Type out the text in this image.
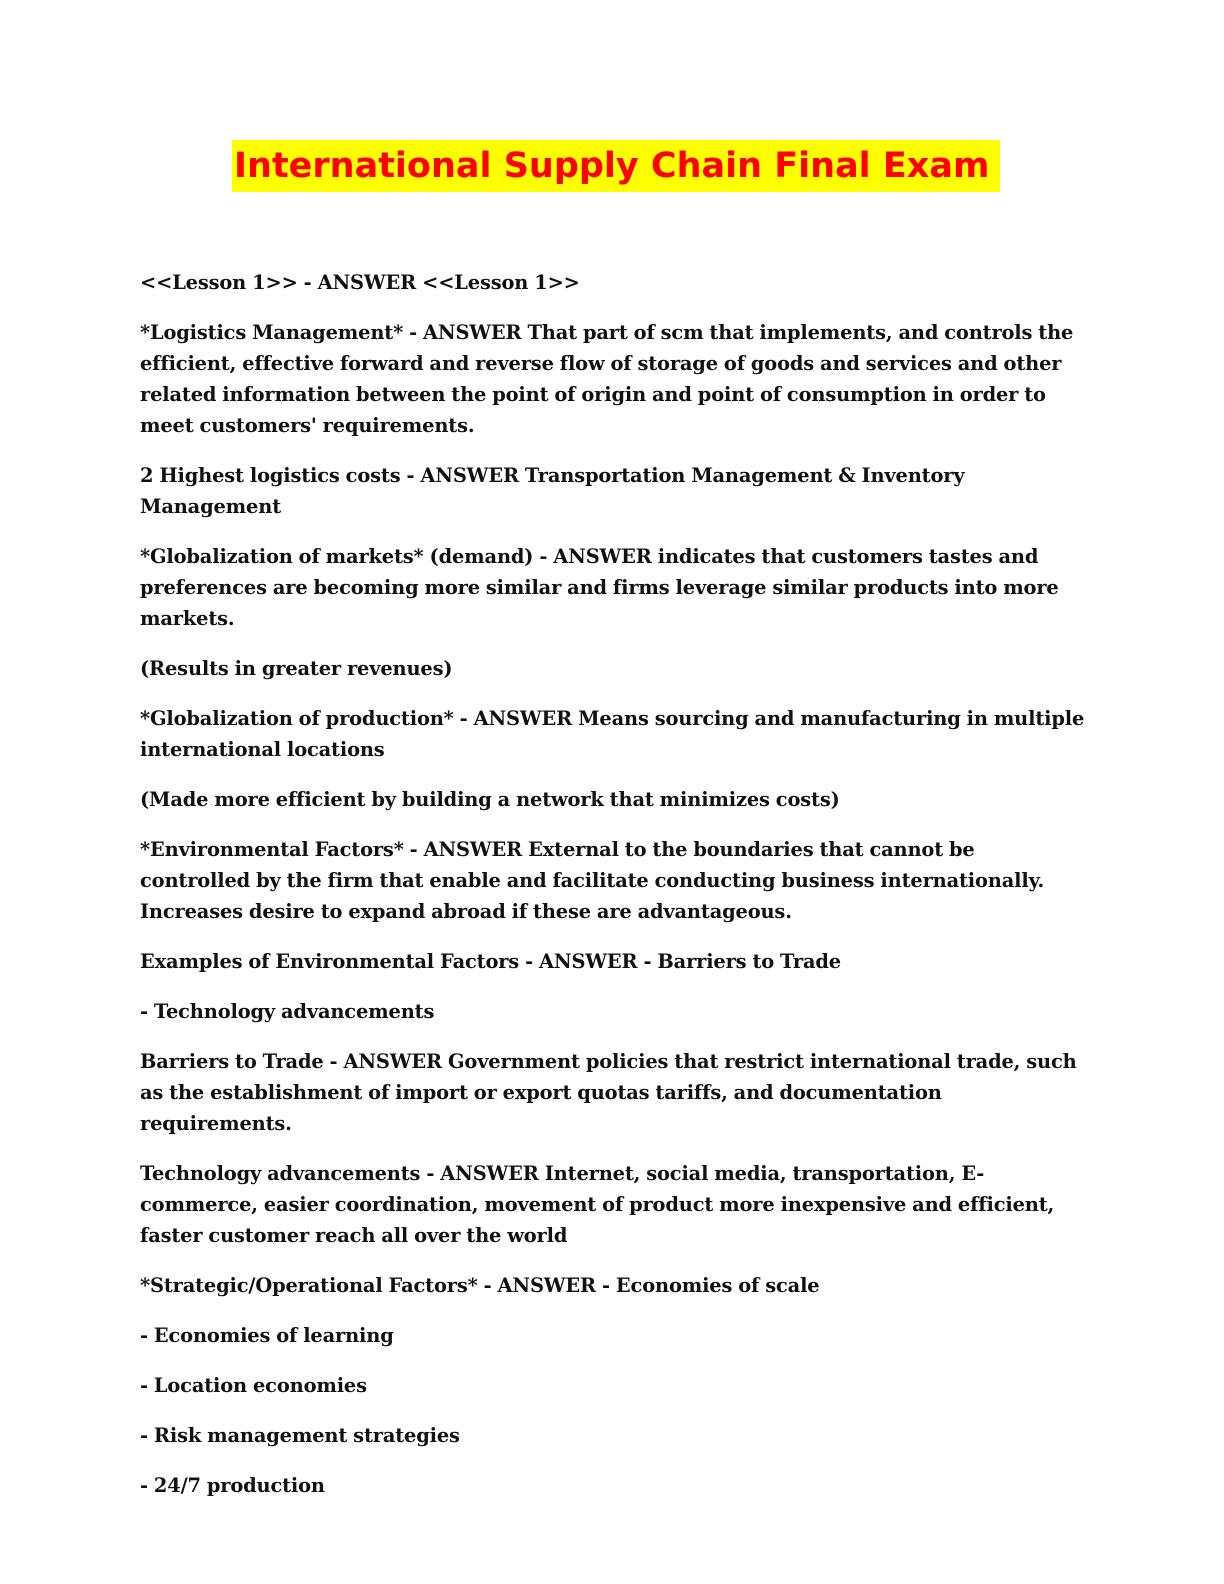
International Supply Chain Final Exam

<<Lesson 1>> - ANSWER <<Lesson 1>>

*Logistics Management* - ANSWER That part of scm that implements, and controls the efficient, effective forward and reverse flow of storage of goods and services and other related information between the point of origin and point of consumption in order to meet customers' requirements.

2 Highest logistics costs - ANSWER Transportation Management & Inventory Management

*Globalization of markets* (demand) - ANSWER indicates that customers tastes and preferences are becoming more similar and firms leverage similar products into more markets.

(Results in greater revenues)

*Globalization of production* - ANSWER Means sourcing and manufacturing in multiple international locations

(Made more efficient by building a network that minimizes costs)

*Environmental Factors* - ANSWER External to the boundaries that cannot be controlled by the firm that enable and facilitate conducting business internationally. Increases desire to expand abroad if these are advantageous.

Examples of Environmental Factors - ANSWER - Barriers to Trade

- Technology advancements

Barriers to Trade - ANSWER Government policies that restrict international trade, such as the establishment of import or export quotas tariffs, and documentation requirements.

Technology advancements - ANSWER Internet, social media, transportation, E-commerce, easier coordination, movement of product more inexpensive and efficient, faster customer reach all over the world

*Strategic/Operational Factors* - ANSWER - Economies of scale

- Economies of learning

- Location economies

- Risk management strategies

- 24/7 production
